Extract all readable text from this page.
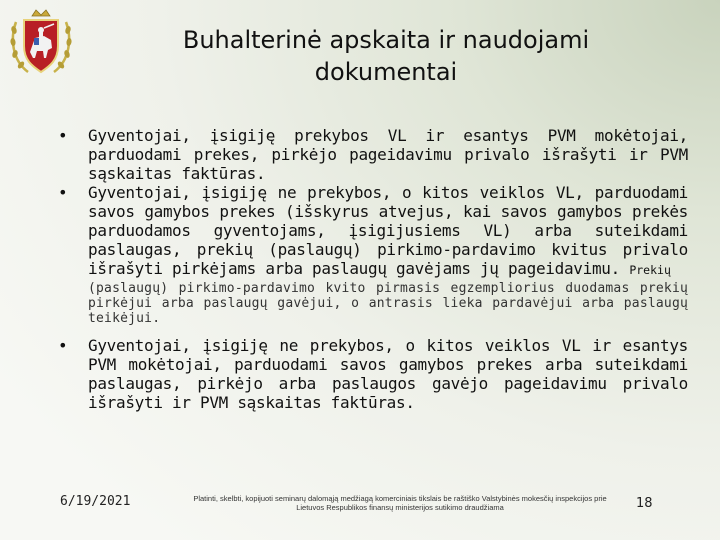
Buhalterinė apskaita ir naudojami
dokumentai
•	Gyventojai, įsigiję prekybos VL ir esantys PVM mokėtojai, parduodami prekes, pirkėjo pageidavimu privalo išrašyti ir PVM sąskaitas faktūras.
•	Gyventojai, įsigiję ne prekybos, o kitos veiklos VL, parduodami savos gamybos prekes (išskyrus atvejus, kai savos gamybos prekės parduodamos gyventojams, įsigijusiems VL) arba suteikdami paslaugas, prekių (paslaugų) pirkimo-pardavimo kvitus privalo išrašyti pirkėjams arba paslaugų gavėjams jų pageidavimu. Prekių
(paslaugų) pirkimo-pardavimo kvito pirmasis egzempliorius duodamas prekių pirkėjui arba paslaugų gavėjui, o antrasis lieka pardavėjui arba paslaugų teikėjui.
•	Gyventojai, įsigiję ne prekybos, o kitos veiklos VL ir esantys PVM mokėtojai, parduodami savos gamybos prekes arba suteikdami paslaugas, pirkėjo arba paslaugos gavėjo pageidavimu privalo išrašyti ir PVM sąskaitas faktūras.
6/19/2021	Platinti, skelbti, kopijuoti seminarų dalomąją medžiagą komerciniais tikslais be raštiško Valstybinės mokesčių inspekcijos prie Lietuvos Respublikos finansų ministerijos sutikimo draudžiama	18
